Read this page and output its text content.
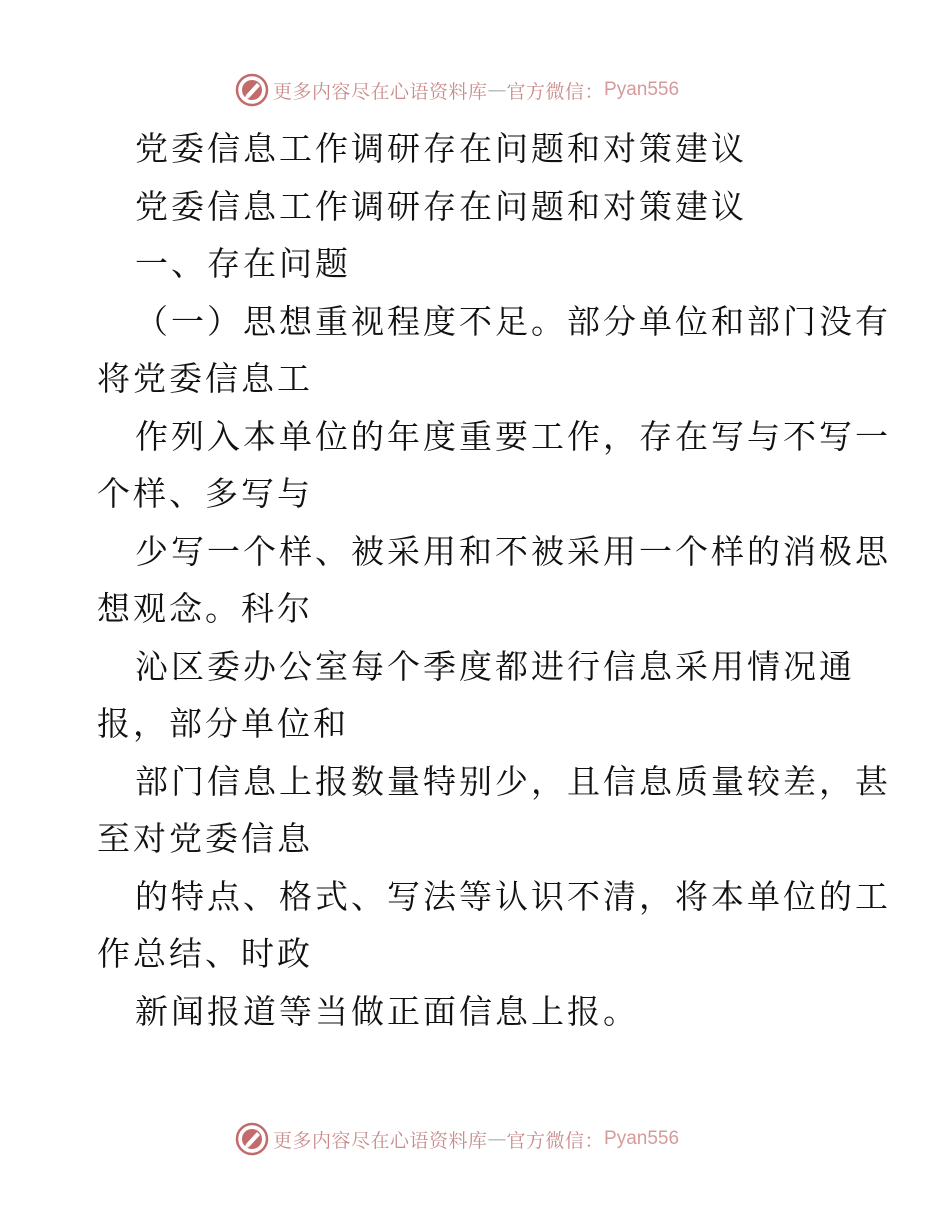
更多内容尽在心语资料库 — 官方微信： Pyan556
党委信息工作调研存在问题和对策建议
党委信息工作调研存在问题和对策建议
一、存在问题
（一）思想重视程度不足。部分单位和部门没有
将党委信息工
作列入本单位的年度重要工作，存在写与不写一
个样、多写与
少写一个样、被采用和不被采用一个样的消极思
想观念。科尔
沁区委办公室每个季度都进行信息采用情况通
报，部分单位和
部门信息上报数量特别少，且信息质量较差，甚
至对党委信息
的特点、格式、写法等认识不清，将本单位的工
作总结、时政
新闻报道等当做正面信息上报。
更多内容尽在心语资料库 — 官方微信： Pyan556
